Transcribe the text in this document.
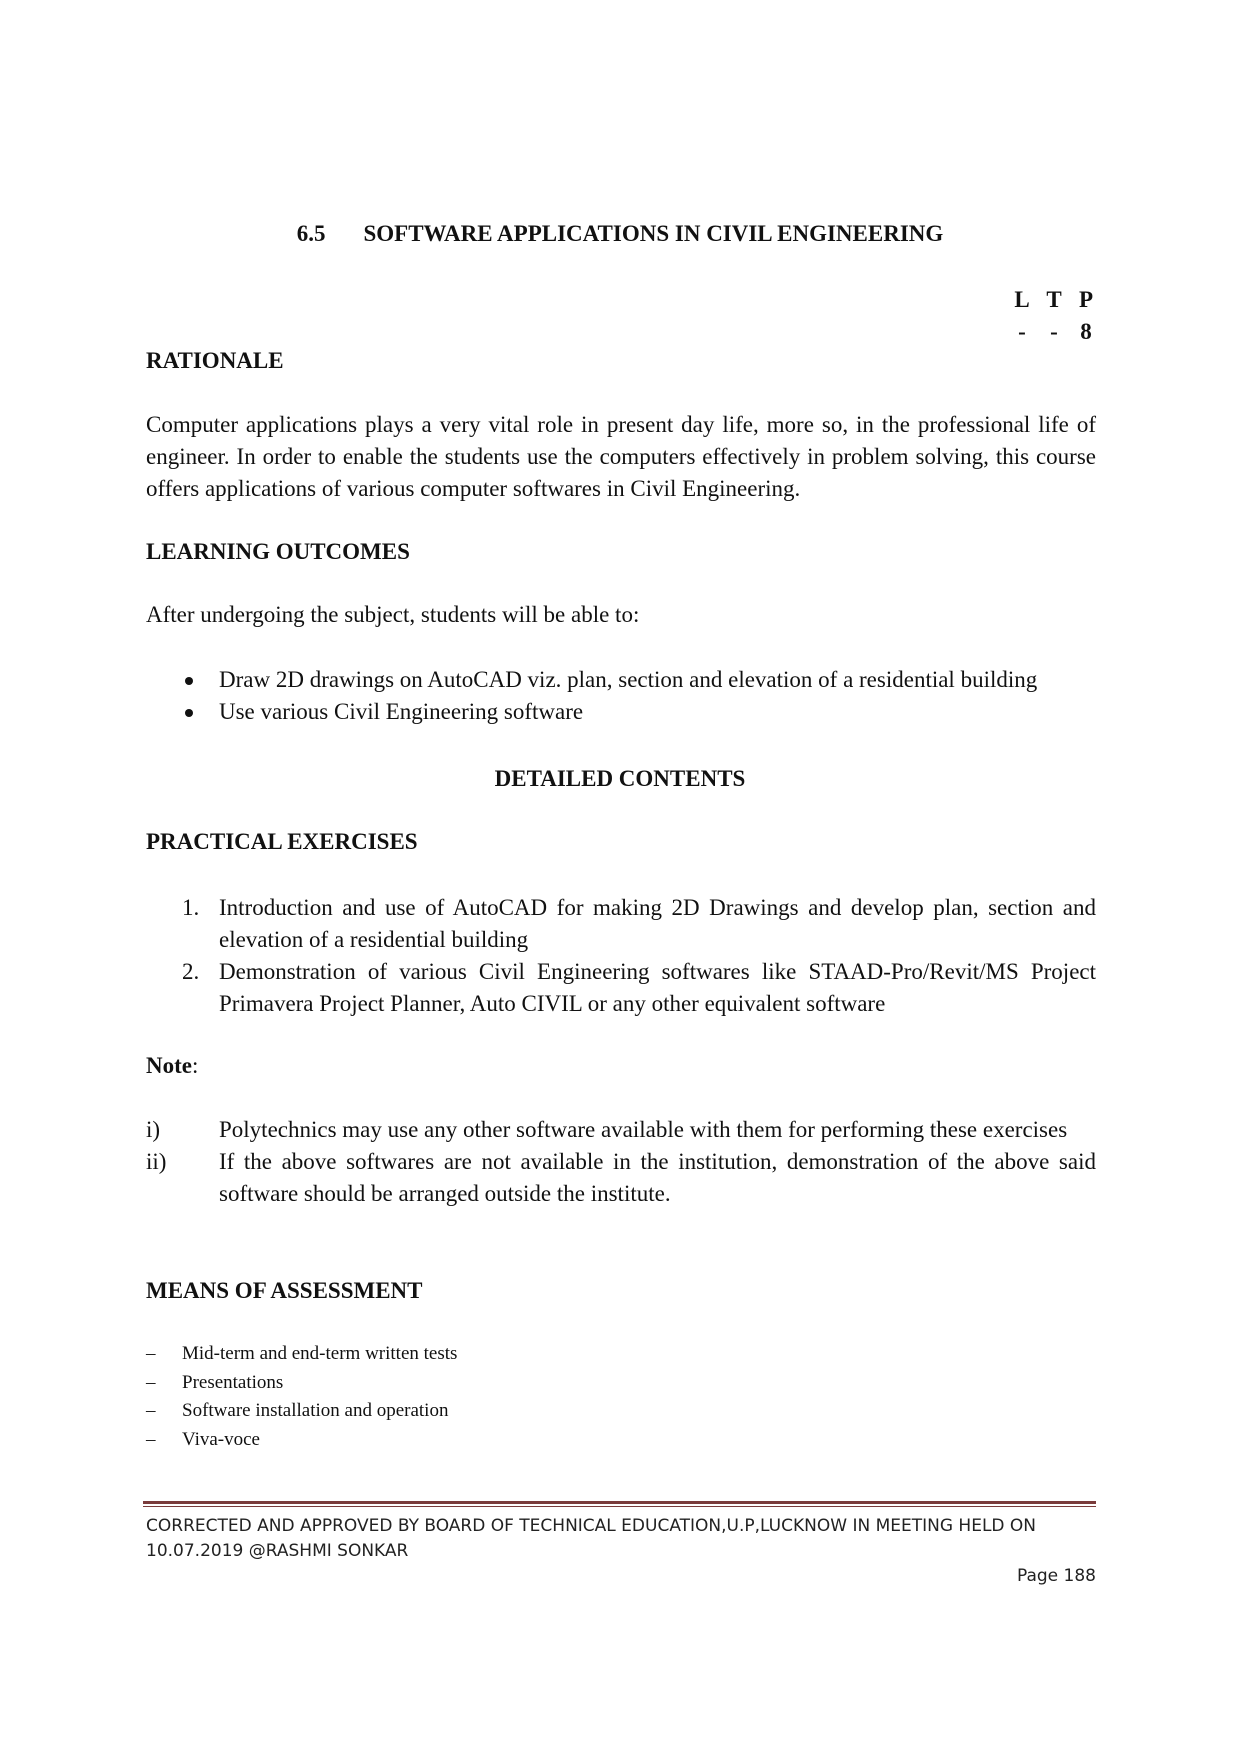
6.5 SOFTWARE APPLICATIONS IN CIVIL ENGINEERING
L T P
-	- 8
RATIONALE
Computer applications plays a very vital role in present day life, more so, in the professional life of engineer. In order to enable the students use the computers effectively in problem solving, this course offers applications of various computer softwares in Civil Engineering.
LEARNING OUTCOMES
After undergoing the subject, students will be able to:
Draw 2D drawings on AutoCAD viz. plan, section and elevation of a residential building
Use various Civil Engineering software
DETAILED CONTENTS
PRACTICAL EXERCISES
1. Introduction and use of AutoCAD for making 2D Drawings and develop plan, section and elevation of a residential building
2. Demonstration of various Civil Engineering softwares like STAAD-Pro/Revit/MS Project Primavera Project Planner, Auto CIVIL or any other equivalent software
Note:
i)	Polytechnics may use any other software available with them for performing these exercises
ii) If the above softwares are not available in the institution, demonstration of the above said software should be arranged outside the institute.
MEANS OF ASSESSMENT
– Mid-term and end-term written tests
– Presentations
– Software installation and operation
– Viva-voce
CORRECTED AND APPROVED BY BOARD OF TECHNICAL EDUCATION,U.P,LUCKNOW IN MEETING HELD ON
10.07.2019 @RASHMI SONKAR
Page 188
